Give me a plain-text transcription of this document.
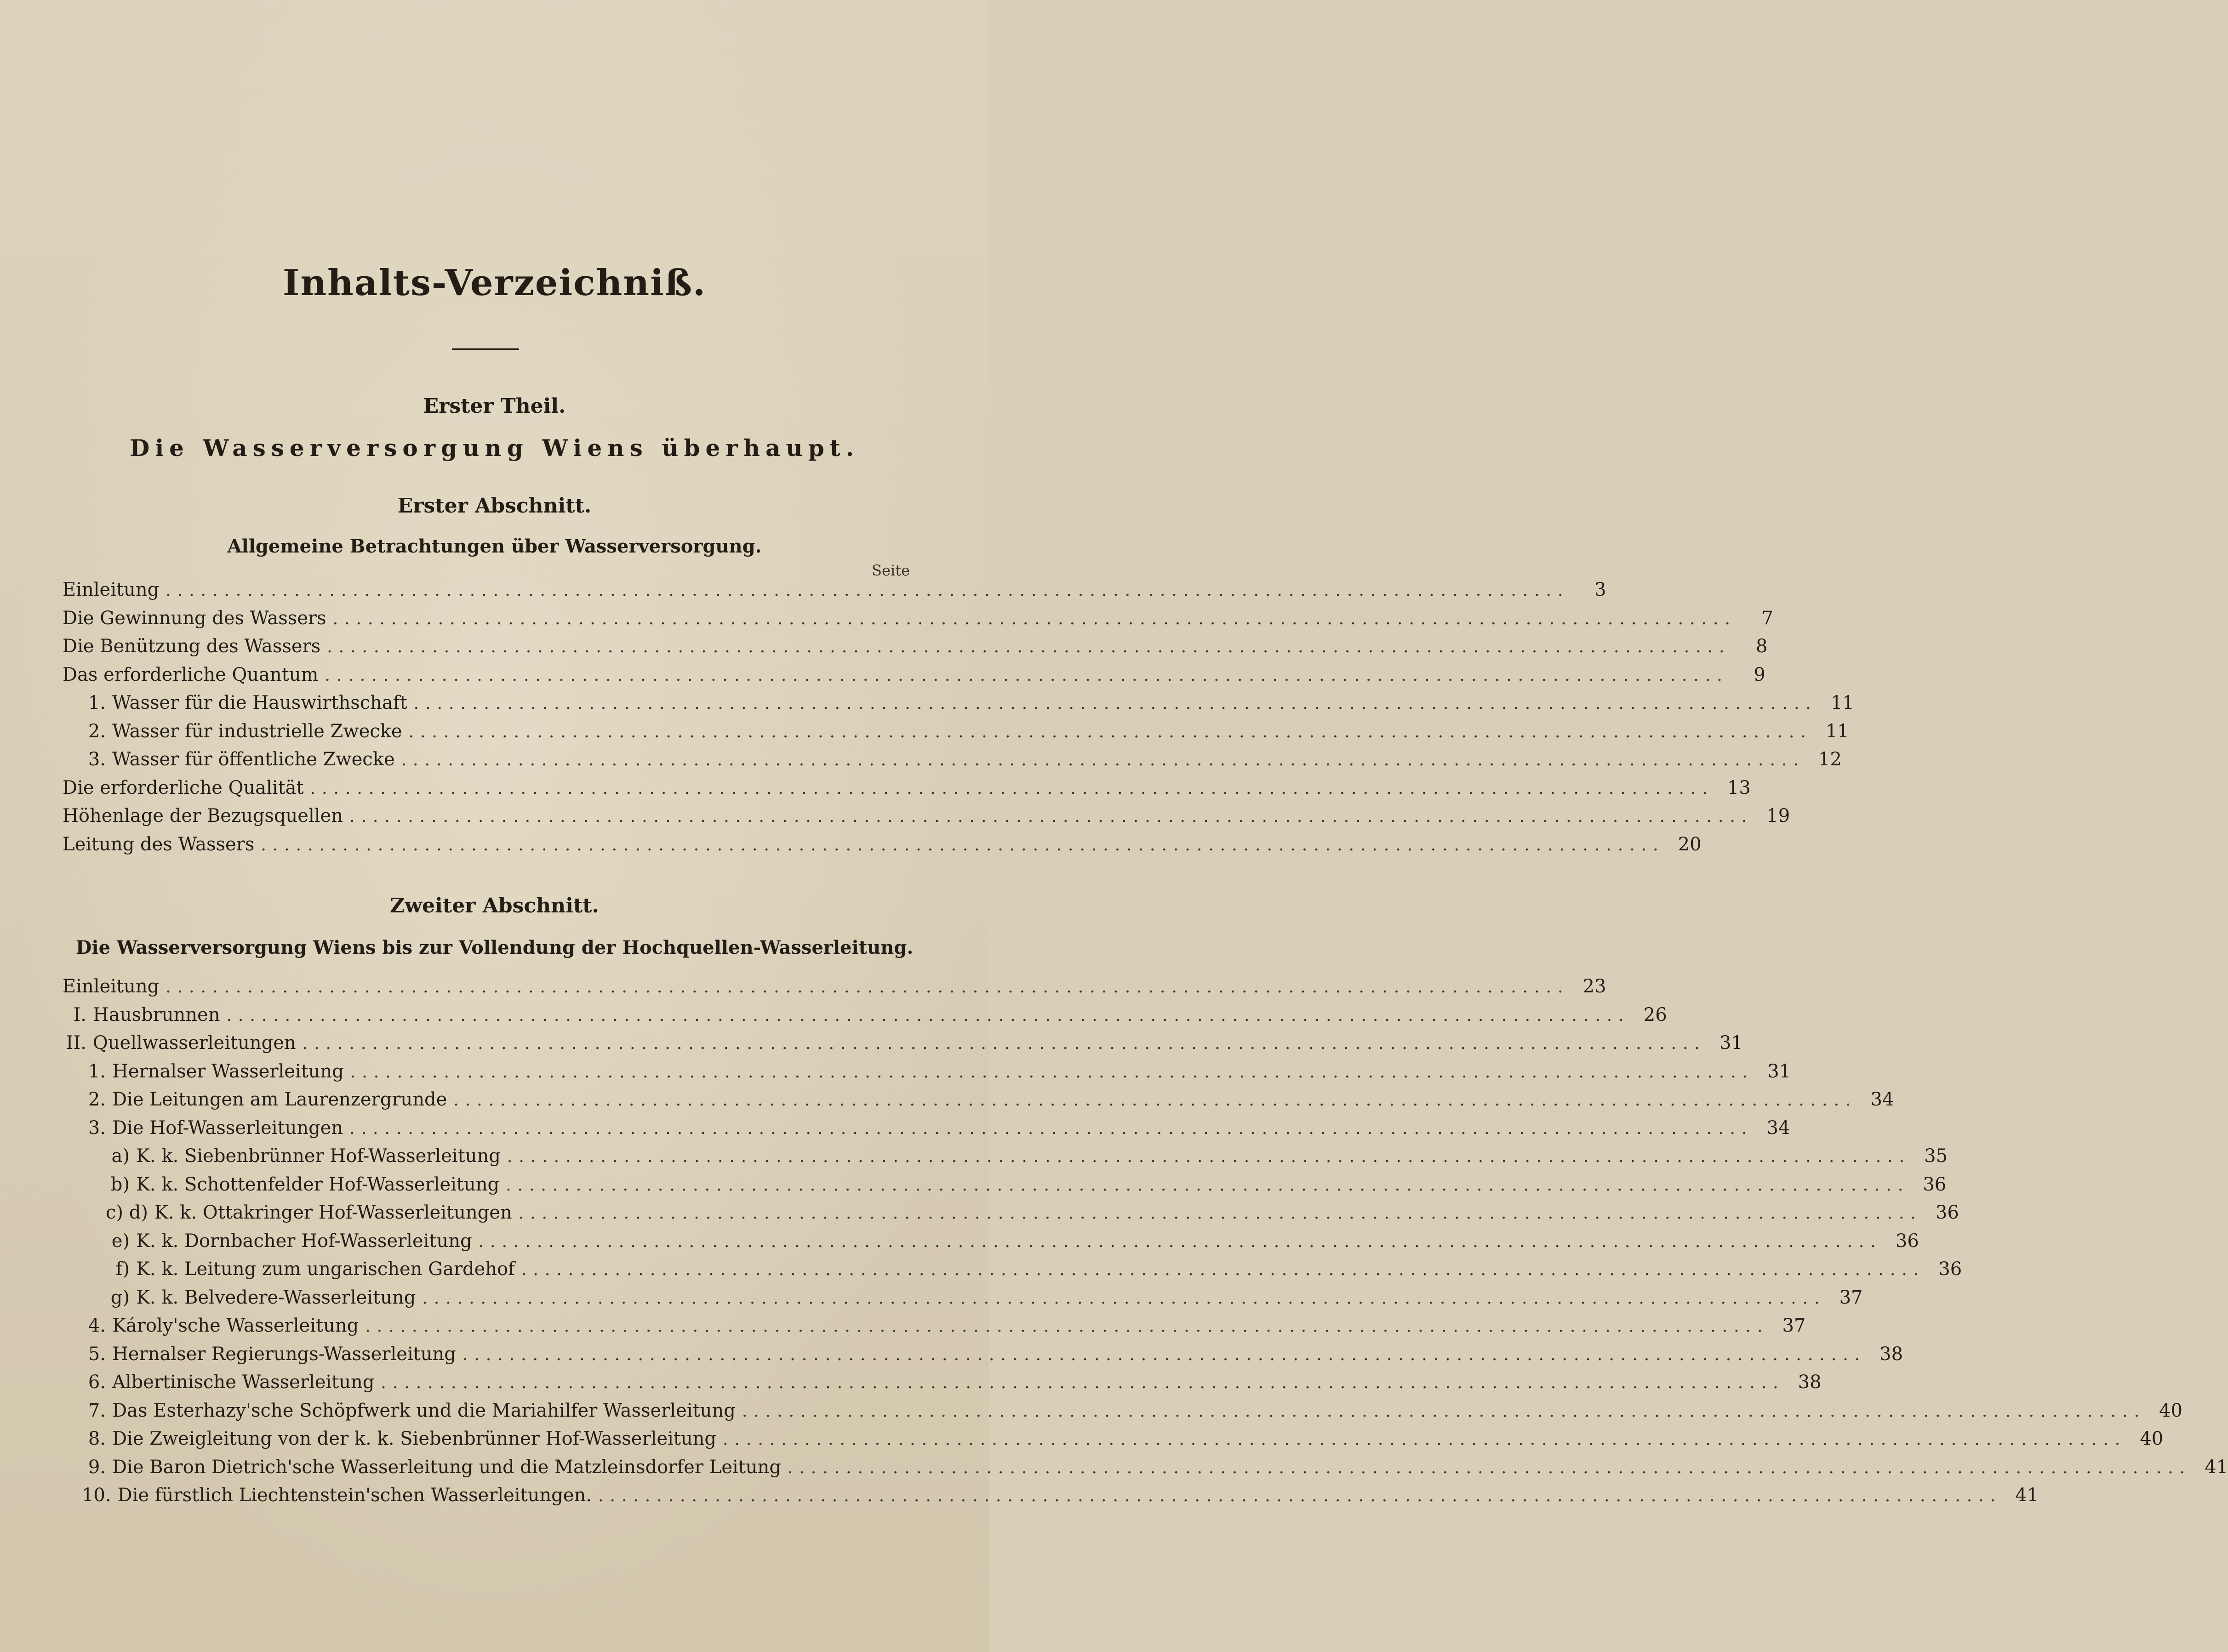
Inhalts-Verzeichniß.
Erster Theil.
Die Wasserversorgung Wiens überhaupt.
Erster Abschnitt.
Allgemeine Betrachtungen über Wasserversorgung.
Seite
Einleitung ........................................................................................................................	3
Die Gewinnung des Wassers ........................................................................................................................	7
Die Benützung des Wassers ........................................................................................................................	8
Das erforderliche Quantum ........................................................................................................................	9
1. Wasser für die Hauswirthschaft ........................................................................................................................ 11
2. Wasser für industrielle Zwecke ........................................................................................................................ 11
3. Wasser für öffentliche Zwecke ........................................................................................................................ 12
Die erforderliche Qualität ........................................................................................................................ 13
Höhenlage der Bezugsquellen ........................................................................................................................ 19
Leitung des Wassers ........................................................................................................................ 20
Zweiter Abschnitt.
Die Wasserversorgung Wiens bis zur Vollendung der Hochquellen-Wasserleitung.
Einleitung ........................................................................................................................ 23
I. Hausbrunnen ........................................................................................................................ 26
II. Quellwasserleitungen ........................................................................................................................ 31
1. Hernalser Wasserleitung ........................................................................................................................ 31
2. Die Leitungen am Laurenzergrunde ........................................................................................................................ 34
3. Die Hof-Wasserleitungen ........................................................................................................................ 34
a) K. k. Siebenbrünner Hof-Wasserleitung ........................................................................................................................ 35
b) K. k. Schottenfelder Hof-Wasserleitung ........................................................................................................................ 36
c) d) K. k. Ottakringer Hof-Wasserleitungen ........................................................................................................................ 36
e) K. k. Dornbacher Hof-Wasserleitung ........................................................................................................................ 36
f) K. k. Leitung zum ungarischen Gardehof ........................................................................................................................ 36
g) K. k. Belvedere-Wasserleitung ........................................................................................................................ 37
4. Károly'sche Wasserleitung ........................................................................................................................ 37
5. Hernalser Regierungs-Wasserleitung ........................................................................................................................ 38
6. Albertinische Wasserleitung ........................................................................................................................ 38
7. Das Esterhazy'sche Schöpfwerk und die Mariahilfer Wasserleitung ........................................................................................................................ 40
8. Die Zweigleitung von der k. k. Siebenbrünner Hof-Wasserleitung ........................................................................................................................ 40
9. Die Baron Dietrich'sche Wasserleitung und die Matzleinsdorfer Leitung ........................................................................................................................ 41
10. Die fürstlich Liechtenstein'schen Wasserleitungen. ........................................................................................................................ 41
